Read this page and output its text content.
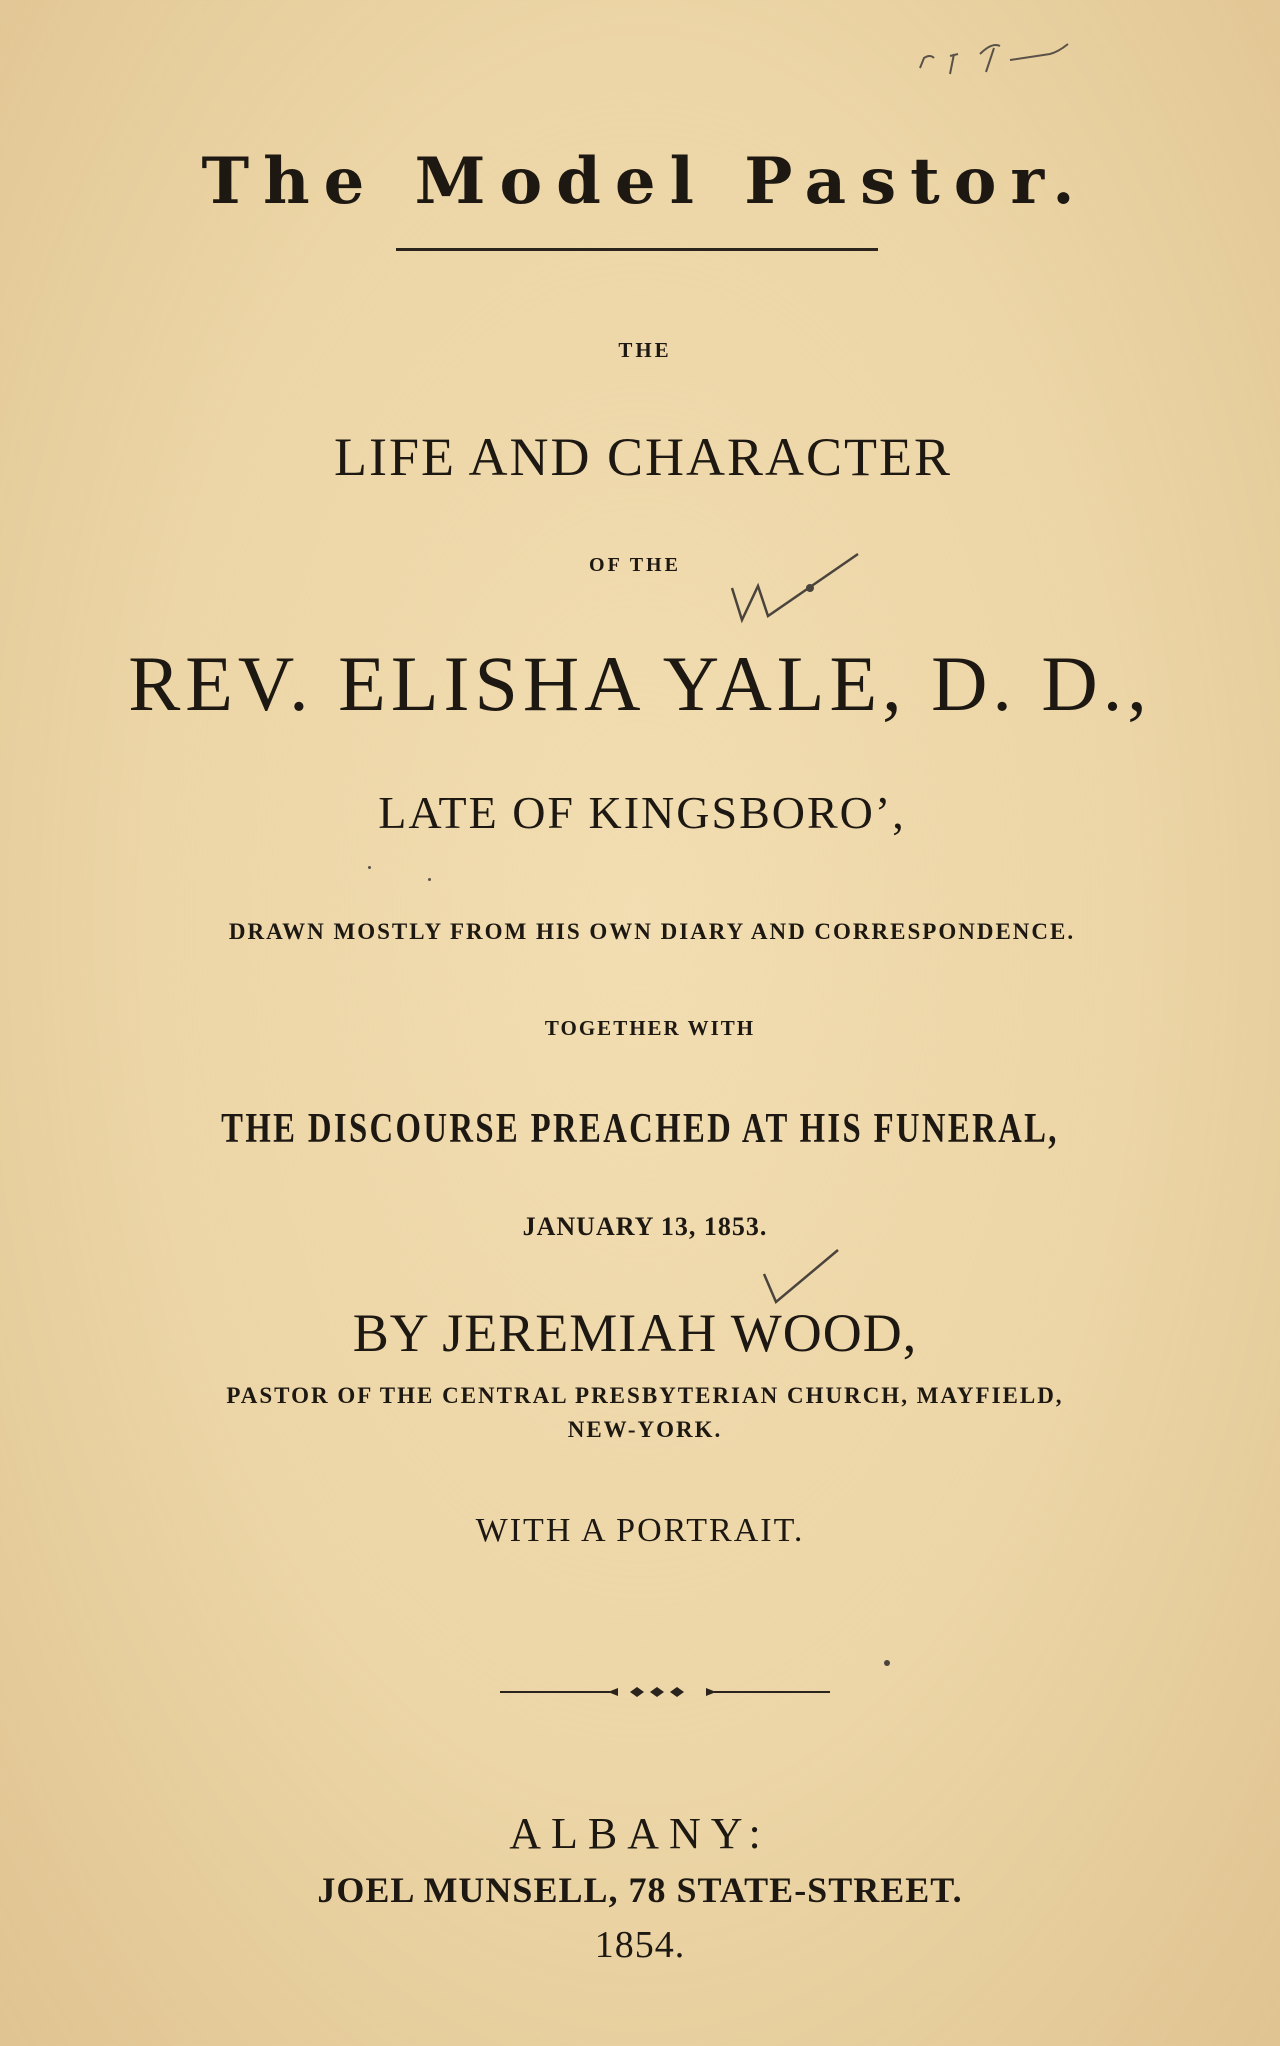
The Model Pastor.
THE
LIFE AND CHARACTER
OF THE
REV. ELISHA YALE, D. D.,
LATE OF KINGSBORO’,
DRAWN MOSTLY FROM HIS OWN DIARY AND CORRESPONDENCE.
TOGETHER WITH
THE DISCOURSE PREACHED AT HIS FUNERAL,
JANUARY 13, 1853.
BY JEREMIAH WOOD,
PASTOR OF THE CENTRAL PRESBYTERIAN CHURCH, MAYFIELD,
NEW-YORK.
WITH A PORTRAIT.
ALBANY:
JOEL MUNSELL, 78 STATE-STREET.
1854.
